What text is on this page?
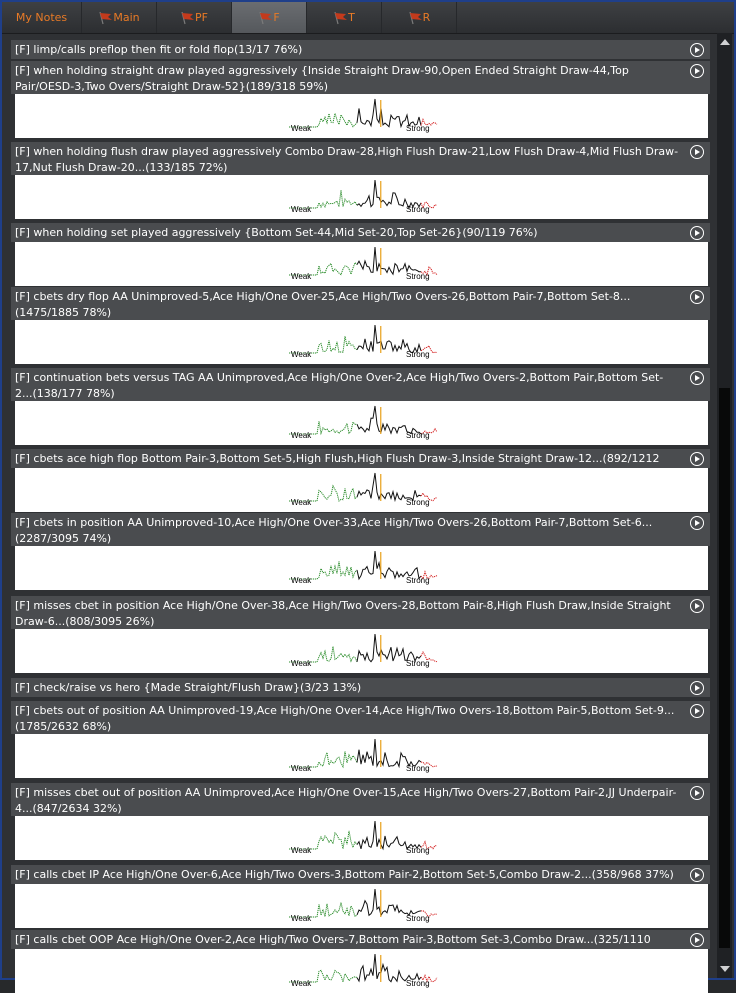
My Notes	Main	PF	F	T	R
[F] limp/calls preflop then fit or fold flop(13/17 76%)
[F] when holding straight draw played aggressively {Inside Straight Draw-90,Open Ended Straight Draw-44,Top Pair/OESD-3,Two Overs/Straight Draw-52}(189/318 59%)
Weak	Strong
[F] when holding flush draw played aggressively Combo Draw-28,High Flush Draw-21,Low Flush Draw-4,Mid Flush Draw-17,Nut Flush Draw-20...(133/185 72%)
Weak	Strong
[F] when holding set played aggressively {Bottom Set-44,Mid Set-20,Top Set-26}(90/119 76%)
Weak	Strong
[F] cbets dry flop AA Unimproved-5,Ace High/One Over-25,Ace High/Two Overs-26,Bottom Pair-7,Bottom Set-8...(1475/1885 78%)
Weak	Strong
[F] continuation bets versus TAG AA Unimproved,Ace High/One Over-2,Ace High/Two Overs-2,Bottom Pair,Bottom Set-2...(138/177 78%)
Weak	Strong
[F] cbets ace high flop Bottom Pair-3,Bottom Set-5,High Flush,High Flush Draw-3,Inside Straight Draw-12...(892/1212
Weak	Strong
[F] cbets in position AA Unimproved-10,Ace High/One Over-33,Ace High/Two Overs-26,Bottom Pair-7,Bottom Set-6...(2287/3095 74%)
Weak	Strong
[F] misses cbet in position Ace High/One Over-38,Ace High/Two Overs-28,Bottom Pair-8,High Flush Draw,Inside Straight Draw-6...(808/3095 26%)
Weak	Strong
[F] check/raise vs hero {Made Straight/Flush Draw}(3/23 13%)
[F] cbets out of position AA Unimproved-19,Ace High/One Over-14,Ace High/Two Overs-18,Bottom Pair-5,Bottom Set-9...(1785/2632 68%)
Weak	Strong
[F] misses cbet out of position AA Unimproved,Ace High/One Over-15,Ace High/Two Overs-27,Bottom Pair-2,JJ Underpair-4...(847/2634 32%)
Weak	Strong
[F] calls cbet IP Ace High/One Over-6,Ace High/Two Overs-3,Bottom Pair-2,Bottom Set-5,Combo Draw-2...(358/968 37%)
Weak	Strong
[F] calls cbet OOP Ace High/One Over-2,Ace High/Two Overs-7,Bottom Pair-3,Bottom Set-3,Combo Draw...(325/1110
Weak	Strong
